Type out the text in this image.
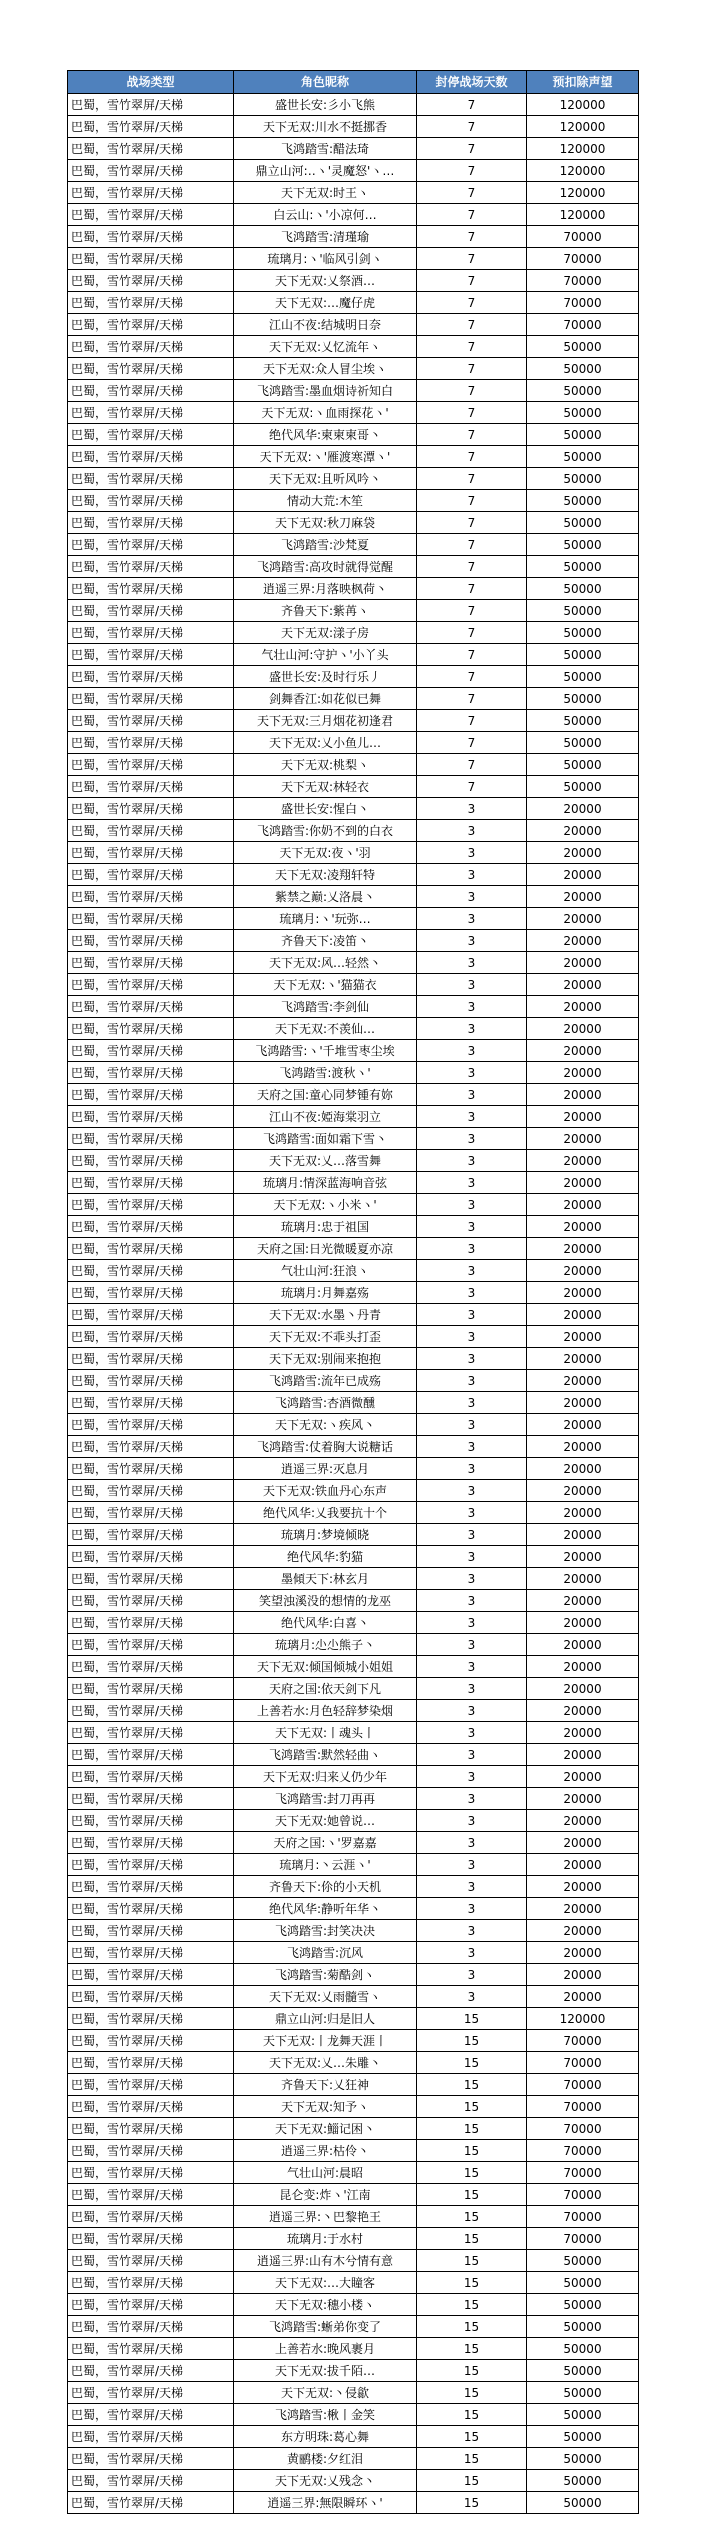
战场类型	角色昵称	封停战场天数	预扣除声望
巴蜀，雪竹翠屏/天梯	盛世长安:彡小飞熊	7	120000
巴蜀，雪竹翠屏/天梯	天下无双:川水不挺挪香	7	120000
巴蜀，雪竹翠屏/天梯	飞鸿踏雪:醋法琦	7	120000
巴蜀，雪竹翠屏/天梯	鼎立山河:‥ヽ'灵魔怒'ヽ…	7	120000
巴蜀，雪竹翠屏/天梯	天下无双:时王ヽ	7	120000
巴蜀，雪竹翠屏/天梯	白云山:ヽ'小凉何…	7	120000
巴蜀，雪竹翠屏/天梯	飞鸿踏雪:清瑾瑜	7	70000
巴蜀，雪竹翠屏/天梯	琉璃月:ヽ'临风引剑ヽ	7	70000
巴蜀，雪竹翠屏/天梯	天下无双:乂祭酒…	7	70000
巴蜀，雪竹翠屏/天梯	天下无双:…魔仔虎	7	70000
巴蜀，雪竹翠屏/天梯	江山不夜:结城明日奈	7	70000
巴蜀，雪竹翠屏/天梯	天下无双:乂忆流年ヽ	7	50000
巴蜀，雪竹翠屏/天梯	天下无双:众人冒尘埃ヽ	7	50000
巴蜀，雪竹翠屏/天梯	飞鸿踏雪:墨血烟诗祈知白	7	50000
巴蜀，雪竹翠屏/天梯	天下无双:ヽ血雨探花ヽ'	7	50000
巴蜀，雪竹翠屏/天梯	绝代风华:柬柬柬哥丶	7	50000
巴蜀，雪竹翠屏/天梯	天下无双:ヽ'雁渡寒潭ヽ'	7	50000
巴蜀，雪竹翠屏/天梯	天下无双:且听风吟丶	7	50000
巴蜀，雪竹翠屏/天梯	情动大荒:木笙	7	50000
巴蜀，雪竹翠屏/天梯	天下无双:秋刀麻袋	7	50000
巴蜀，雪竹翠屏/天梯	飞鸿踏雪:沙梵夏	7	50000
巴蜀，雪竹翠屏/天梯	飞鸿踏雪:高攻时就得觉醒	7	50000
巴蜀，雪竹翠屏/天梯	逍遥三界:月落映枫荷丶	7	50000
巴蜀，雪竹翠屏/天梯	齐鲁天下:紫苒ヽ	7	50000
巴蜀，雪竹翠屏/天梯	天下无双:漾子房	7	50000
巴蜀，雪竹翠屏/天梯	气壮山河:守护ヽ'小丫头	7	50000
巴蜀，雪竹翠屏/天梯	盛世长安:及时行乐丿	7	50000
巴蜀，雪竹翠屏/天梯	剑舞香江:如花似已舞	7	50000
巴蜀，雪竹翠屏/天梯	天下无双:三月烟花初逢君	7	50000
巴蜀，雪竹翠屏/天梯	天下无双:乂小鱼儿…	7	50000
巴蜀，雪竹翠屏/天梯	天下无双:桃梨ヽ	7	50000
巴蜀，雪竹翠屏/天梯	天下无双:林轻衣	7	50000
巴蜀，雪竹翠屏/天梯	盛世长安:惺白丶	3	20000
巴蜀，雪竹翠屏/天梯	飞鸿踏雪:你奶不到的白衣	3	20000
巴蜀，雪竹翠屏/天梯	天下无双:夜ヽ'羽	3	20000
巴蜀，雪竹翠屏/天梯	天下无双:凌翔轩特	3	20000
巴蜀，雪竹翠屏/天梯	紫禁之巅:乂洛晨丶	3	20000
巴蜀，雪竹翠屏/天梯	琉璃月:ヽ'玩弥…	3	20000
巴蜀，雪竹翠屏/天梯	齐鲁天下:凌笛丶	3	20000
巴蜀，雪竹翠屏/天梯	天下无双:风…轻然丶	3	20000
巴蜀，雪竹翠屏/天梯	天下无双:ヽ'猫猫衣	3	20000
巴蜀，雪竹翠屏/天梯	飞鸿踏雪:李剑仙	3	20000
巴蜀，雪竹翠屏/天梯	天下无双:不羡仙…	3	20000
巴蜀，雪竹翠屏/天梯	飞鸿踏雪:ヽ'千堆雪枣尘埃	3	20000
巴蜀，雪竹翠屏/天梯	飞鸿踏雪:渡秋ヽ'	3	20000
巴蜀，雪竹翠屏/天梯	天府之国:童心同梦锺有妳	3	20000
巴蜀，雪竹翠屏/天梯	江山不夜:婭海棠羽立	3	20000
巴蜀，雪竹翠屏/天梯	飞鸿踏雪:面如霜下雪丶	3	20000
巴蜀，雪竹翠屏/天梯	天下无双:乂…落雪舞	3	20000
巴蜀，雪竹翠屏/天梯	琉璃月:情深蓝海响音弦	3	20000
巴蜀，雪竹翠屏/天梯	天下无双:ヽ小米ヽ'	3	20000
巴蜀，雪竹翠屏/天梯	琉璃月:忠于祖国	3	20000
巴蜀，雪竹翠屏/天梯	天府之国:日光微暖夏亦凉	3	20000
巴蜀，雪竹翠屏/天梯	气壮山河:狂浪ヽ	3	20000
巴蜀，雪竹翠屏/天梯	琉璃月:月舞嘉殇	3	20000
巴蜀，雪竹翠屏/天梯	天下无双:水墨丶丹青	3	20000
巴蜀，雪竹翠屏/天梯	天下无双:不乖头打歪	3	20000
巴蜀，雪竹翠屏/天梯	天下无双:别闹来抱抱	3	20000
巴蜀，雪竹翠屏/天梯	飞鸿踏雪:流年已成殇	3	20000
巴蜀，雪竹翠屏/天梯	飞鸿踏雪:杏酒微醺	3	20000
巴蜀，雪竹翠屏/天梯	天下无双:ヽ疾风丶	3	20000
巴蜀，雪竹翠屏/天梯	飞鸿踏雪:仗着胸大说糖话	3	20000
巴蜀，雪竹翠屏/天梯	逍遥三界:灭息月	3	20000
巴蜀，雪竹翠屏/天梯	天下无双:铁血丹心东声	3	20000
巴蜀，雪竹翠屏/天梯	绝代风华:乂我要抗十个	3	20000
巴蜀，雪竹翠屏/天梯	琉璃月:梦境倾晓	3	20000
巴蜀，雪竹翠屏/天梯	绝代风华:豹猫	3	20000
巴蜀，雪竹翠屏/天梯	墨傾天下:林玄月	3	20000
巴蜀，雪竹翠屏/天梯	笑望浊溪没的想情的龙巫	3	20000
巴蜀，雪竹翠屏/天梯	绝代风华:白喜丶	3	20000
巴蜀，雪竹翠屏/天梯	琉璃月:尐尐熊子丶	3	20000
巴蜀，雪竹翠屏/天梯	天下无双:倾国倾城小姐姐	3	20000
巴蜀，雪竹翠屏/天梯	天府之国:依天剑下凡	3	20000
巴蜀，雪竹翠屏/天梯	上善若水:月色轻辞梦染烟	3	20000
巴蜀，雪竹翠屏/天梯	天下无双:丨魂头丨	3	20000
巴蜀，雪竹翠屏/天梯	飞鸿踏雪:默然轻曲ヽ	3	20000
巴蜀，雪竹翠屏/天梯	天下无双:归来乂仍少年	3	20000
巴蜀，雪竹翠屏/天梯	飞鸿踏雪:封刀再再	3	20000
巴蜀，雪竹翠屏/天梯	天下无双:她曾说…	3	20000
巴蜀，雪竹翠屏/天梯	天府之国:ヽ'罗嘉嘉	3	20000
巴蜀，雪竹翠屏/天梯	琉璃月:丶云涯ヽ'	3	20000
巴蜀，雪竹翠屏/天梯	齐鲁天下:伱的小天机	3	20000
巴蜀，雪竹翠屏/天梯	绝代风华:静听年华丶	3	20000
巴蜀，雪竹翠屏/天梯	飞鸿踏雪:封笑决决	3	20000
巴蜀，雪竹翠屏/天梯	飞鸿踏雪:沉风	3	20000
巴蜀，雪竹翠屏/天梯	飞鸿踏雪:菊酷剑ヽ	3	20000
巴蜀，雪竹翠屏/天梯	天下无双:乂雨髓雪ヽ	3	20000
巴蜀，雪竹翠屏/天梯	鼎立山河:归是旧人	15	120000
巴蜀，雪竹翠屏/天梯	天下无双:丨龙舞天涯丨	15	70000
巴蜀，雪竹翠屏/天梯	天下无双:乂…朱雕丶	15	70000
巴蜀，雪竹翠屏/天梯	齐鲁天下:乂狂神	15	70000
巴蜀，雪竹翠屏/天梯	天下无双:知予ヽ	15	70000
巴蜀，雪竹翠屏/天梯	天下无双:鯔记困丶	15	70000
巴蜀，雪竹翠屏/天梯	逍遥三界:枯伶丶	15	70000
巴蜀，雪竹翠屏/天梯	气壮山河:晨昭	15	70000
巴蜀，雪竹翠屏/天梯	昆仑变:炸ヽ'江南	15	70000
巴蜀，雪竹翠屏/天梯	逍遥三界:丶巴黎艳王	15	70000
巴蜀，雪竹翠屏/天梯	琉璃月:于水村	15	70000
巴蜀，雪竹翠屏/天梯	逍遥三界:山有木兮情有意	15	50000
巴蜀，雪竹翠屏/天梯	天下无双:…大瞳客	15	50000
巴蜀，雪竹翠屏/天梯	天下无双:穗小楼ヽ	15	50000
巴蜀，雪竹翠屏/天梯	飞鸿踏雪:蜥弟你变了	15	50000
巴蜀，雪竹翠屏/天梯	上善若水:晚风裹月	15	50000
巴蜀，雪竹翠屏/天梯	天下无双:拔千陌…	15	50000
巴蜀，雪竹翠屏/天梯	天下无双:丶侵歙	15	50000
巴蜀，雪竹翠屏/天梯	飞鸿踏雪:楸丨金笑	15	50000
巴蜀，雪竹翠屏/天梯	东方明珠:葛心舞	15	50000
巴蜀，雪竹翠屏/天梯	黄鹂楼:夕红泪	15	50000
巴蜀，雪竹翠屏/天梯	天下无双:乂残念丶	15	50000
巴蜀，雪竹翠屏/天梯	逍遥三界:無限瞬环ヽ'	15	50000
